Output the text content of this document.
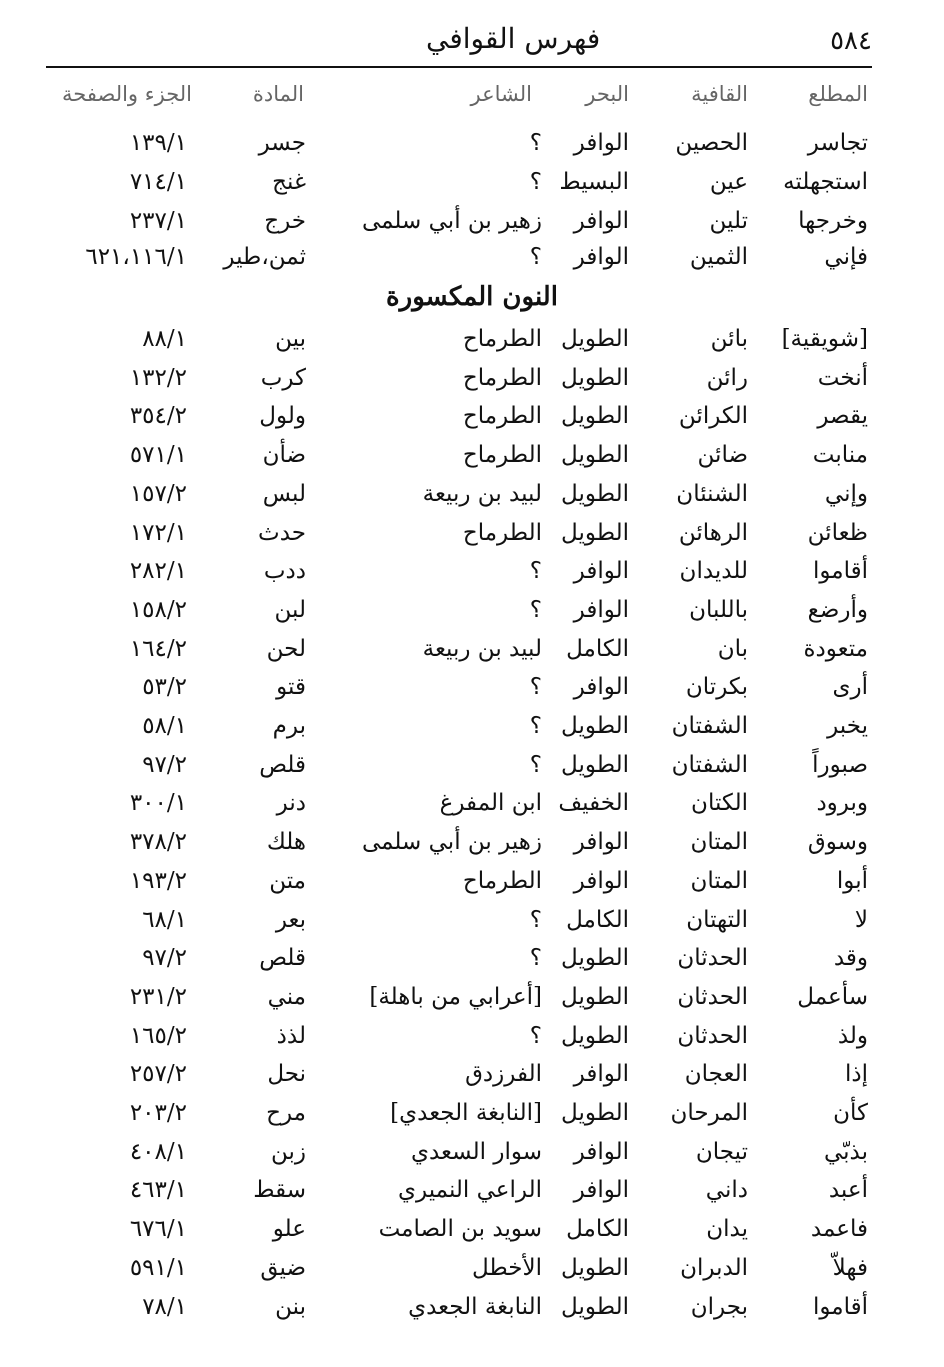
٥٨٤
فهرس القوافي
المطلع
القافية
البحر
الشاعر
المادة
الجزء والصفحة
تجاسر
الحصين
الوافر
؟
جسر
١٣٩/١
استجهلته
عين
البسيط
؟
غنج
٧١٤/١
وخرجها
تلين
الوافر
زهير بن أبي سلمى
خرج
٢٣٧/١
فإني
الثمين
الوافر
؟
ثمن،طير
٦٢١،١١٦/١
النون المكسورة
[شويقية]
بائن
الطويل
الطرماح
بين
٨٨/١
أنخت
رائن
الطويل
الطرماح
كرب
١٣٢/٢
يقصر
الكرائن
الطويل
الطرماح
ولول
٣٥٤/٢
منابت
ضائن
الطويل
الطرماح
ضأن
٥٧١/١
وإني
الشنئان
الطويل
لبيد بن ربيعة
لبس
١٥٧/٢
ظعائن
الرهائن
الطويل
الطرماح
حدث
١٧٢/١
أقاموا
للديدان
الوافر
؟
ددب
٢٨٢/١
وأرضع
باللبان
الوافر
؟
لبن
١٥٨/٢
متعودة
بان
الكامل
لبيد بن ربيعة
لحن
١٦٤/٢
أرى
بكرتان
الوافر
؟
قتو
٥٣/٢
يخبر
الشفتان
الطويل
؟
برم
٥٨/١
صبوراً
الشفتان
الطويل
؟
قلص
٩٧/٢
وبرود
الكتان
الخفيف
ابن المفرغ
دنر
٣٠٠/١
وسوق
المتان
الوافر
زهير بن أبي سلمى
هلك
٣٧٨/٢
أبوا
المتان
الوافر
الطرماح
متن
١٩٣/٢
لا
التهتان
الكامل
؟
بعر
٦٨/١
وقد
الحدثان
الطويل
؟
قلص
٩٧/٢
سأعمل
الحدثان
الطويل
[أعرابي من باهلة]
مني
٢٣١/٢
ولذ
الحدثان
الطويل
؟
لذذ
١٦٥/٢
إذا
العجان
الوافر
الفرزدق
نحل
٢٥٧/٢
كأن
المرحان
الطويل
[النابغة الجعدي]
مرح
٢٠٣/٢
بذبّي
تيجان
الوافر
سوار السعدي
زبن
٤٠٨/١
أعبد
داني
الوافر
الراعي النميري
سقط
٤٦٣/١
فاعمد
يدان
الكامل
سويد بن الصامت
علو
٦٧٦/١
فهلاّ
الدبران
الطويل
الأخطل
ضيق
٥٩١/١
أقاموا
بجران
الطويل
النابغة الجعدي
بنن
٧٨/١
